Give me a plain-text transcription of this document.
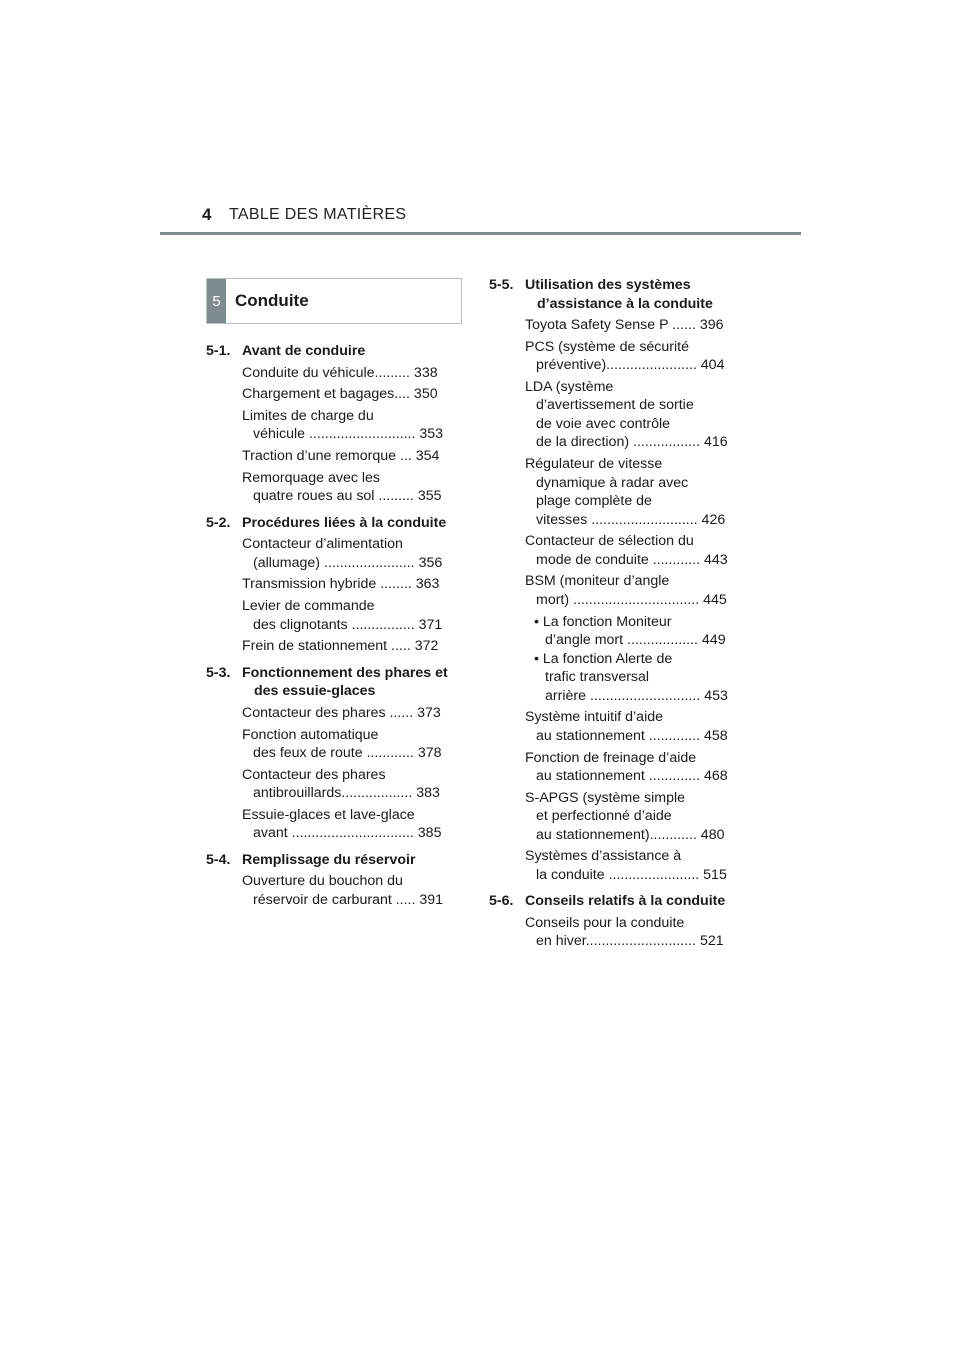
4 TABLE DES MATIÈRES
5 Conduite
5-1. Avant de conduire
Conduite du véhicule......... 338
Chargement et bagages.... 350
Limites de charge du
véhicule ........................... 353
Traction d’une remorque ... 354
Remorquage avec les
quatre roues au sol ......... 355
5-2. Procédures liées à la conduite
Contacteur d’alimentation
(allumage) ....................... 356
Transmission hybride ........ 363
Levier de commande
des clignotants ................ 371
Frein de stationnement ..... 372
5-3. Fonctionnement des phares et des essuie-glaces
Contacteur des phares ...... 373
Fonction automatique
des feux de route ............ 378
Contacteur des phares
antibrouillards.................. 383
Essuie-glaces et lave-glace
avant ............................... 385
5-4. Remplissage du réservoir
Ouverture du bouchon du
réservoir de carburant ..... 391
5-5. Utilisation des systèmes d’assistance à la conduite
Toyota Safety Sense P ...... 396
PCS (système de sécurité
préventive)....................... 404
LDA (système
d’avertissement de sortie
de voie avec contrôle
de la direction) ................. 416
Régulateur de vitesse
dynamique à radar avec
plage complète de
vitesses ........................... 426
Contacteur de sélection du
mode de conduite ............ 443
BSM (moniteur d’angle
mort) ................................ 445
• La fonction Moniteur
d’angle mort .................. 449
• La fonction Alerte de
trafic transversal
arrière ............................ 453
Système intuitif d’aide
au stationnement ............. 458
Fonction de freinage d’aide
au stationnement ............. 468
S-APGS (système simple
et perfectionné d’aide
au stationnement)............ 480
Systèmes d’assistance à
la conduite ....................... 515
5-6. Conseils relatifs à la conduite
Conseils pour la conduite
en hiver............................ 521
